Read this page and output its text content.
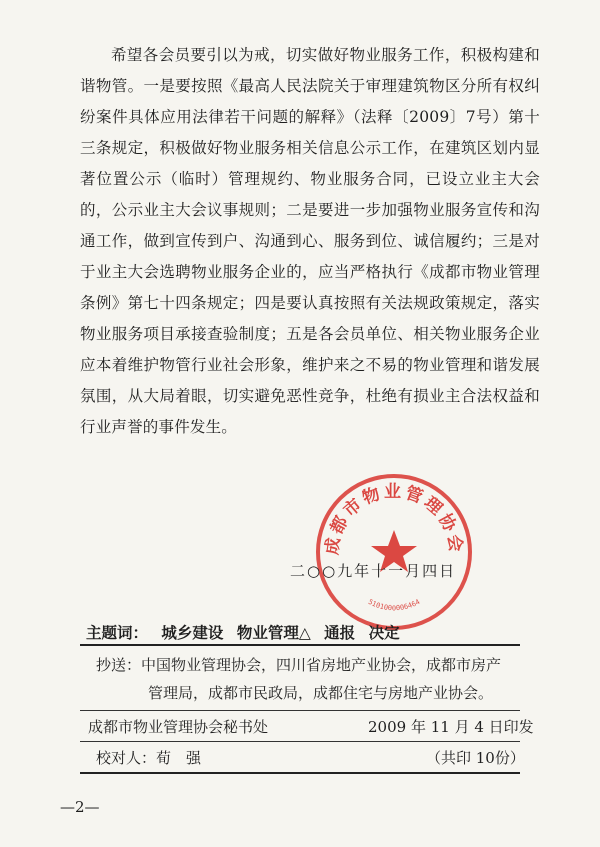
希望各会员要引以为戒，切实做好物业服务工作，积极构建和谐物管。一是要按照《最高人民法院关于审理建筑物区分所有权纠纷案件具体应用法律若干问题的解释》（法释〔2009〕7号）第十三条规定，积极做好物业服务相关信息公示工作，在建筑区划内显著位置公示（临时）管理规约、物业服务合同，已设立业主大会的，公示业主大会议事规则；二是要进一步加强物业服务宣传和沟通工作，做到宣传到户、沟通到心、服务到位、诚信履约；三是对于业主大会选聘物业服务企业的，应当严格执行《成都市物业管理条例》第七十四条规定；四是要认真按照有关法规政策规定，落实物业服务项目承接查验制度；五是各会员单位、相关物业服务企业应本着维护物管行业社会形象，维护来之不易的物业管理和谐发展氛围，从大局着眼，切实避免恶性竞争，杜绝有损业主合法权益和行业声誉的事件发生。

成都市物业管理协会
5101000006464
二○○九年十一月四日
主题词： 城乡建设 物业管理△ 通报 决定
抄送：中国物业管理协会，四川省房地产业协会，成都市房产
管理局，成都市民政局，成都住宅与房地产业协会。
成都市物业管理协会秘书处	2009 年 11 月 4 日印发
校对人：荀　强	（共印 10份）
—2—
